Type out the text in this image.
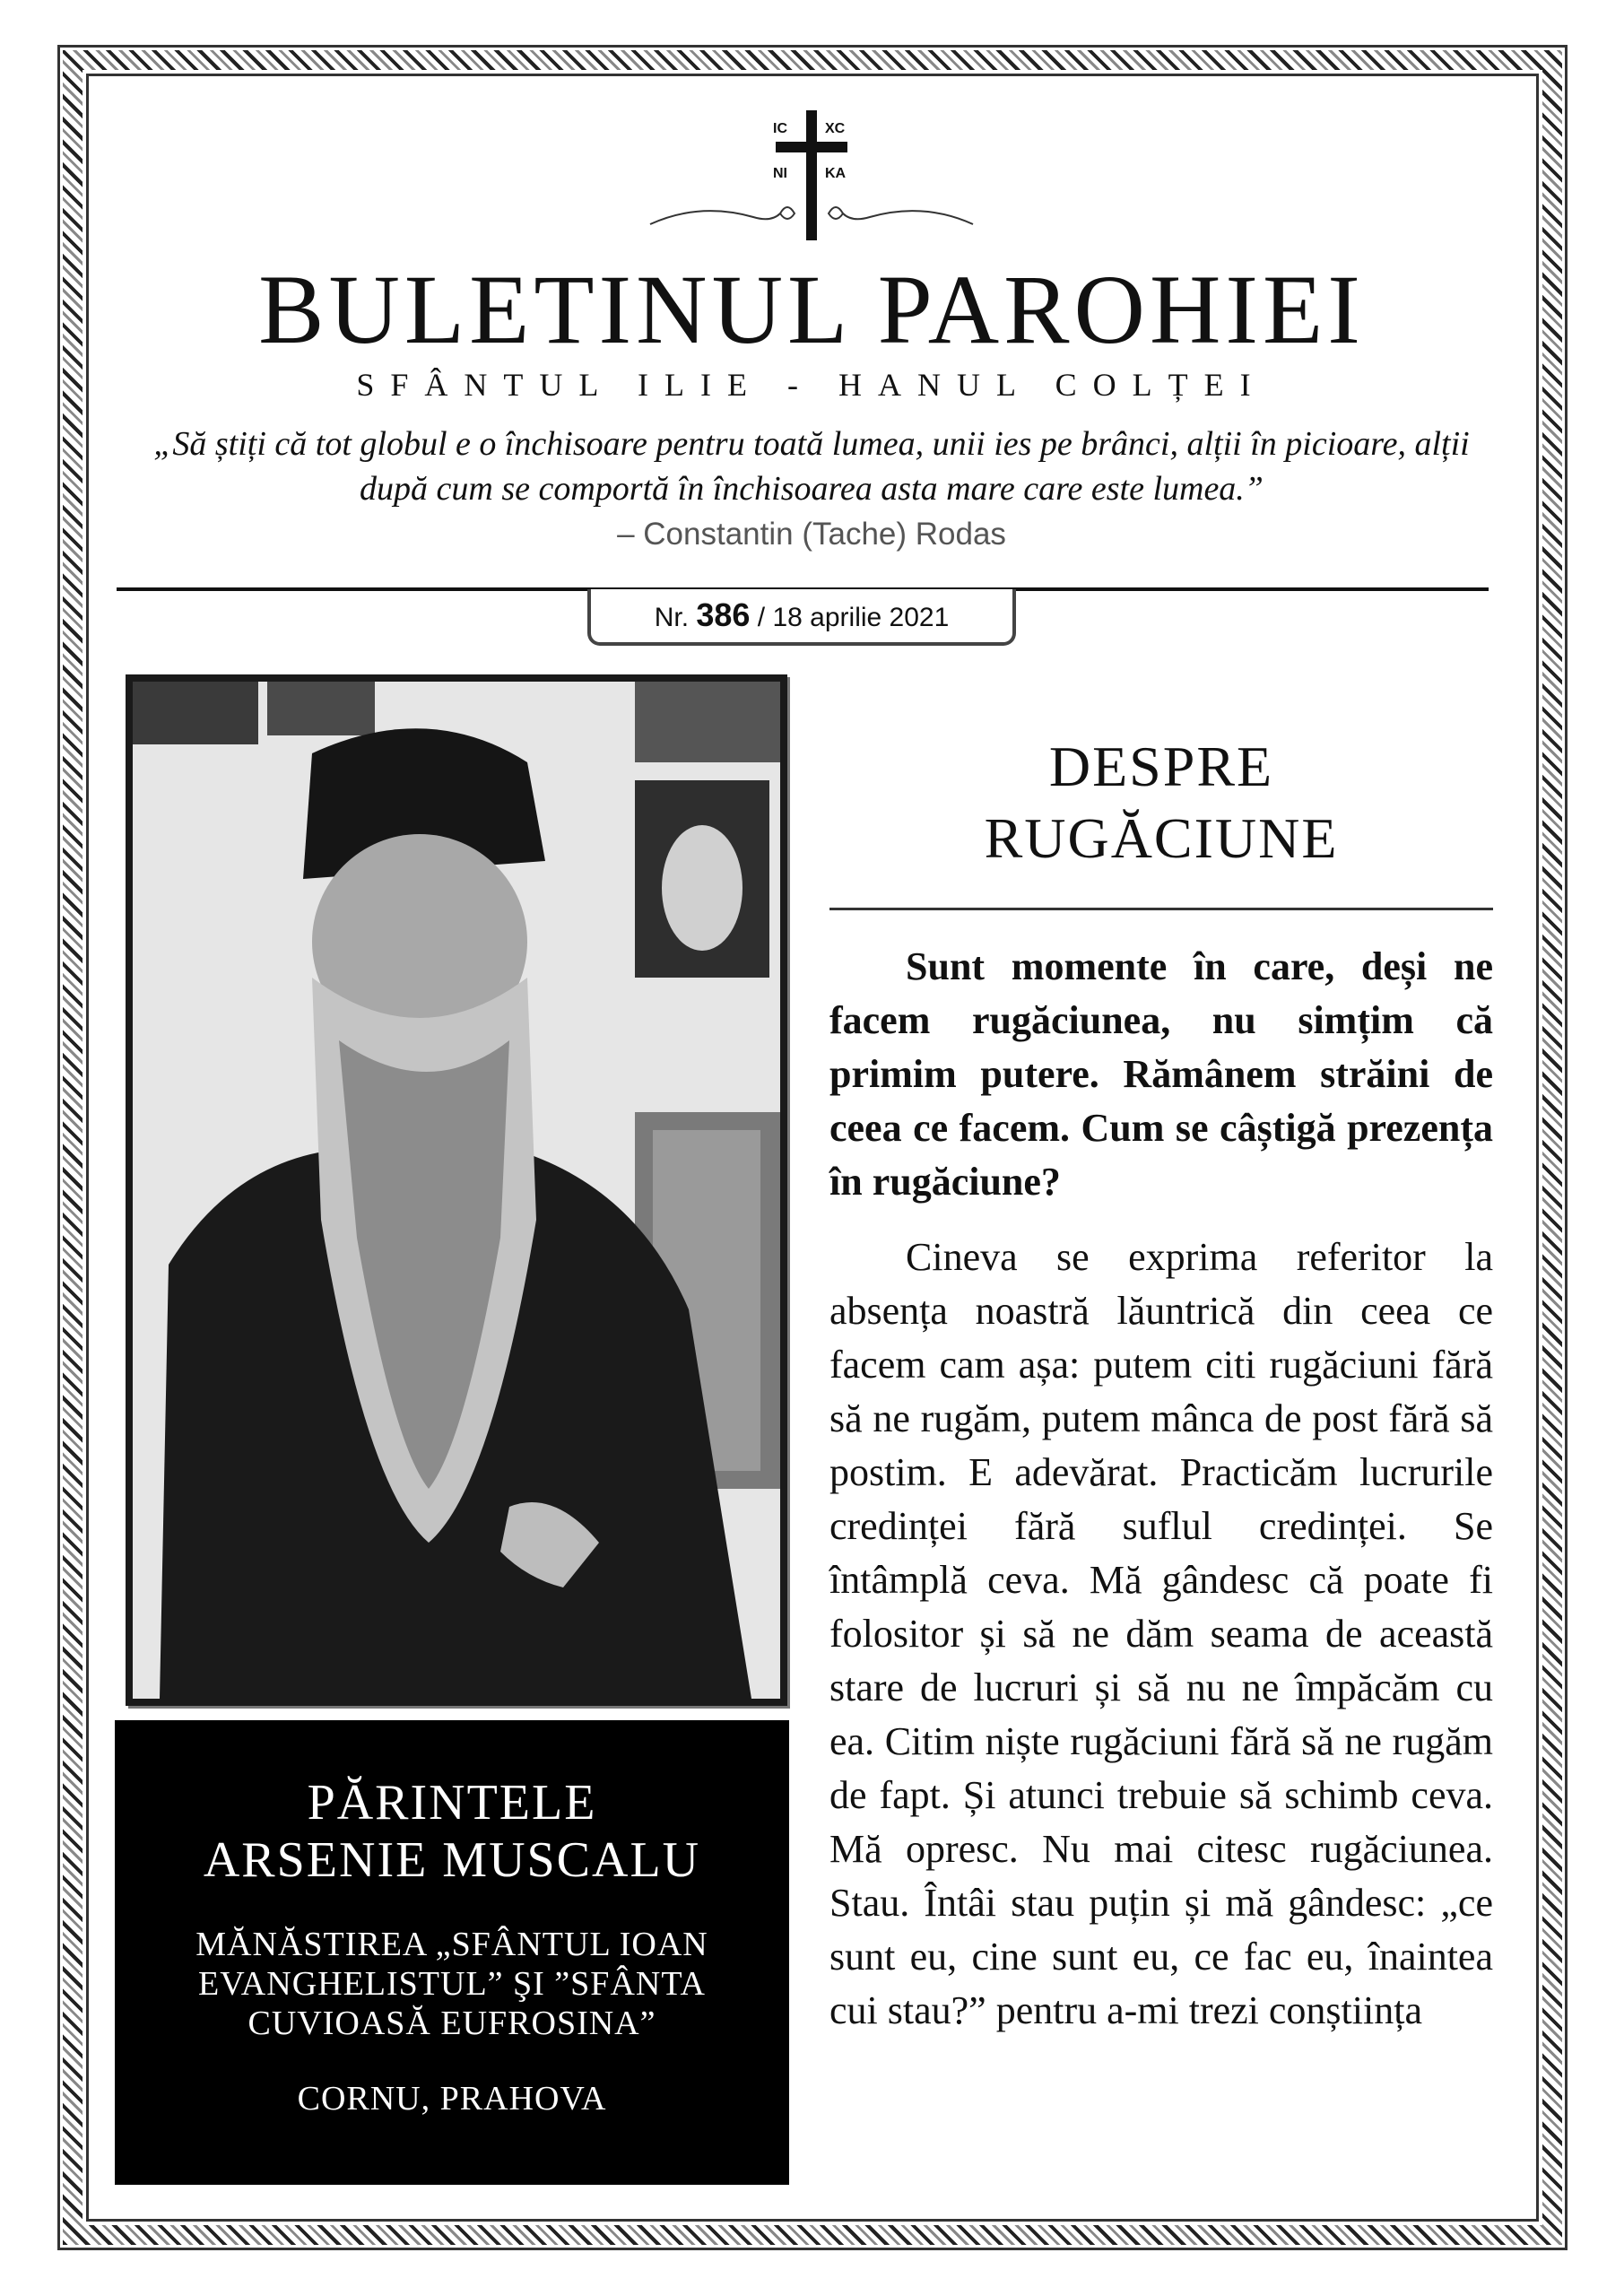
IC	XC
NI	KA
BULETINUL PAROHIEI

SFÂNTUL ILIE - HANUL COLȚEI

„Să știți că tot globul e o închisoare pentru toată lumea, unii ies pe brânci, alții în picioare, alții după cum se comportă în închisoarea asta mare care este lumea.”

– Constantin (Tache) Rodas

Nr. 386 / 18 aprilie 2021

PĂRINTELE
ARSENIE MUSCALU

MĂNĂSTIREA „SFÂNTUL IOAN EVANGHELISTUL” ŞI ”SFÂNTA CUVIOASĂ EUFROSINA”

CORNU, PRAHOVA

DESPRE
RUGĂCIUNE

Sunt momente în care, deși ne facem rugăciunea, nu simțim că primim putere. Rămânem străini de ceea ce facem. Cum se câștigă prezența în rugăciune?

Cineva se exprima referitor la absența noastră lăuntrică din ceea ce facem cam așa: putem citi rugăciuni fără să ne rugăm, putem mânca de post fără să postim. E adevărat. Practicăm lucrurile credinței fără suflul credinței. Se întâmplă ceva. Mă gândesc că poate fi folositor și să ne dăm seama de această stare de lucruri și să nu ne împăcăm cu ea. Citim niște rugăciuni fără să ne rugăm de fapt. Și atunci trebuie să schimb ceva. Mă opresc. Nu mai citesc rugăciunea. Stau. Întâi stau puțin și mă gândesc: „ce sunt eu, cine sunt eu, ce fac eu, înaintea cui stau?” pentru a-mi trezi conștiința
